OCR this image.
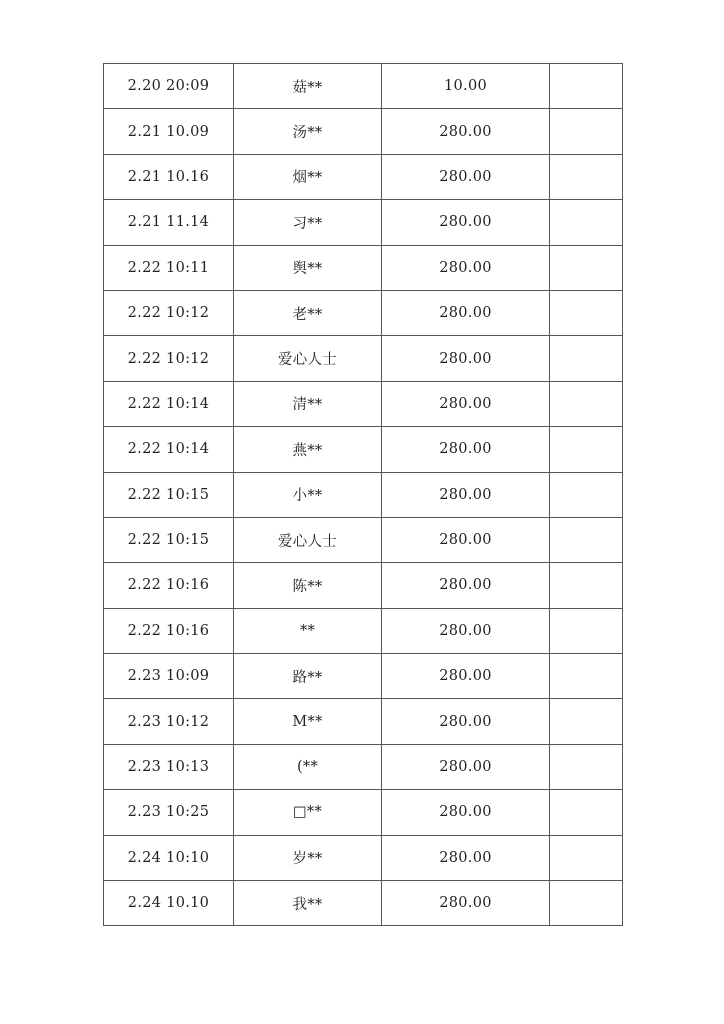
2.20 20:09	菇**	10.00	
2.21 10.09	汤**	280.00	
2.21 10.16	烟**	280.00	
2.21 11.14	习**	280.00	
2.22 10:11	舆**	280.00	
2.22 10:12	老**	280.00	
2.22 10:12	爱心人士	280.00	
2.22 10:14	清**	280.00	
2.22 10:14	燕**	280.00	
2.22 10:15	小**	280.00	
2.22 10:15	爱心人士	280.00	
2.22 10:16	陈**	280.00	
2.22 10:16	**	280.00	
2.23 10:09	路**	280.00	
2.23 10:12	M**	280.00	
2.23 10:13	(**	280.00	
2.23 10:25	□**	280.00	
2.24 10:10	岁**	280.00	
2.24 10.10	我**	280.00	
